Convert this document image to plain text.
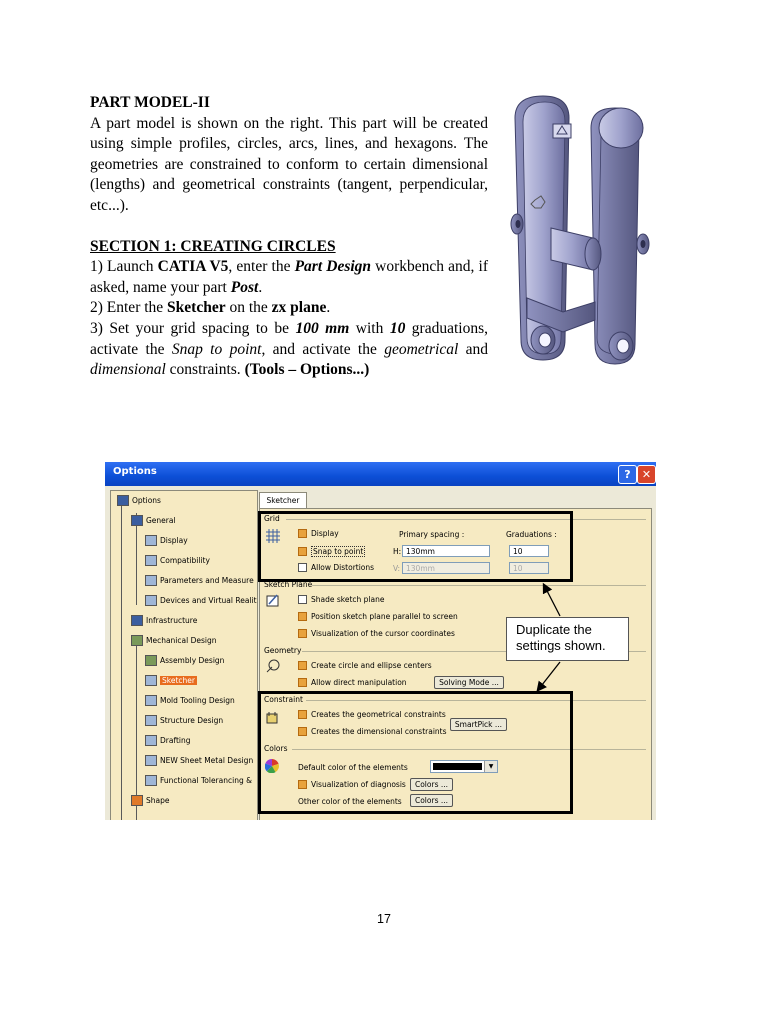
PART MODEL-II

A part model is shown on the right. This part will be created using simple profiles, circles, arcs, lines, and hexagons. The geometries are constrained to conform to certain dimensional (lengths) and geometrical constraints (tangent, perpendicular, etc...).

SECTION 1: CREATING CIRCLES

1) Launch CATIA V5, enter the Part Design workbench and, if asked, name your part Post.

2) Enter the Sketcher on the zx plane.

3) Set your grid spacing to be 100 mm with 10 graduations, activate the Snap to point, and activate the geometrical and dimensional constraints. (Tools – Options...)

Options	?	✕
Options
General
Display
Compatibility
Parameters and Measure
Devices and Virtual Realit
Infrastructure
Mechanical Design
Assembly Design
Sketcher
Mold Tooling Design
Structure Design
Drafting
NEW Sheet Metal Design
Functional Tolerancing &
Shape
Sketcher
Grid
Display
Snap to point
Allow Distortions
Primary spacing :	Graduations :
H: 130mm	10
V: 130mm	10
Sketch Plane
Shade sketch plane
Position sketch plane parallel to screen
Visualization of the cursor coordinates
Geometry
Create circle and ellipse centers
Allow direct manipulation	Solving Mode ...
Constraint
Creates the geometrical constraints
Creates the dimensional constraints
SmartPick ...
Colors
Default color of the elements	▼
Visualization of diagnosis	Colors ...
Other color of the elements	Colors ...
Duplicate the
settings shown.
17
